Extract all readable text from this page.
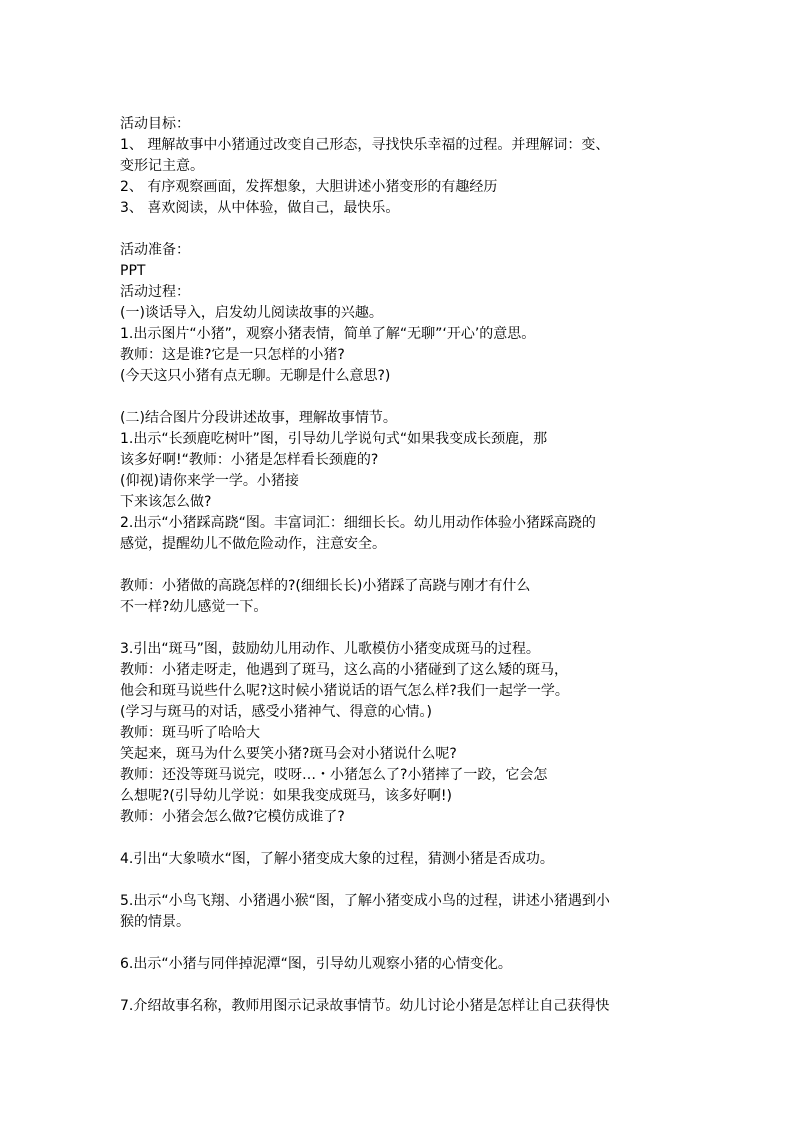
活动目标：
1、 理解故事中小猪通过改变自己形态，寻找快乐幸福的过程。并理解词：变、
变形记主意。
2、 有序观察画面，发挥想象，大胆讲述小猪变形的有趣经历
3、 喜欢阅读，从中体验，做自己，最快乐。
活动准备：
PPT
活动过程：
(一)谈话导入，启发幼儿阅读故事的兴趣。
1.出示图片“小猪”，观察小猪表情，简单了解“无聊”‘开心’的意思。
教师：这是谁?它是一只怎样的小猪?
(今天这只小猪有点无聊。无聊是什么意思?)
(二)结合图片分段讲述故事，理解故事情节。
1.出示“长颈鹿吃树叶”图，引导幼儿学说句式“如果我变成长颈鹿，那
该多好啊!“教师：小猪是怎样看长颈鹿的?
(仰视)请你来学一学。小猪接
下来该怎么做?
2.出示“小猪踩高跷“图。丰富词汇：细细长长。幼儿用动作体验小猪踩高跷的
感觉，提醒幼儿不做危险动作，注意安全。
教师：小猪做的高跷怎样的?(细细长长)小猪踩了高跷与刚才有什么
不一样?幼儿感觉一下。
3.引出“斑马”图，鼓励幼儿用动作、儿歌模仿小猪变成斑马的过程。
教师：小猪走呀走，他遇到了斑马，这么高的小猪碰到了这么矮的斑马，
他会和斑马说些什么呢?这时候小猪说话的语气怎么样?我们一起学一学。
(学习与斑马的对话，感受小猪神气、得意的心情。)
教师：斑马听了哈哈大
笑起来，斑马为什么要笑小猪?斑马会对小猪说什么呢?
教师：还没等斑马说完，哎呀…・小猪怎么了?小猪摔了一跤，它会怎
么想呢?(引导幼儿学说：如果我变成斑马，该多好啊!)
教师：小猪会怎么做?它模仿成谁了?
4.引出“大象喷水“图，了解小猪变成大象的过程，猜测小猪是否成功。
5.出示“小鸟飞翔、小猪遇小猴“图，了解小猪变成小鸟的过程，讲述小猪遇到小
猴的情景。
6.出示“小猪与同伴掉泥潭“图，引导幼儿观察小猪的心情变化。
7.介绍故事名称，教师用图示记录故事情节。幼儿讨论小猪是怎样让自己获得快
